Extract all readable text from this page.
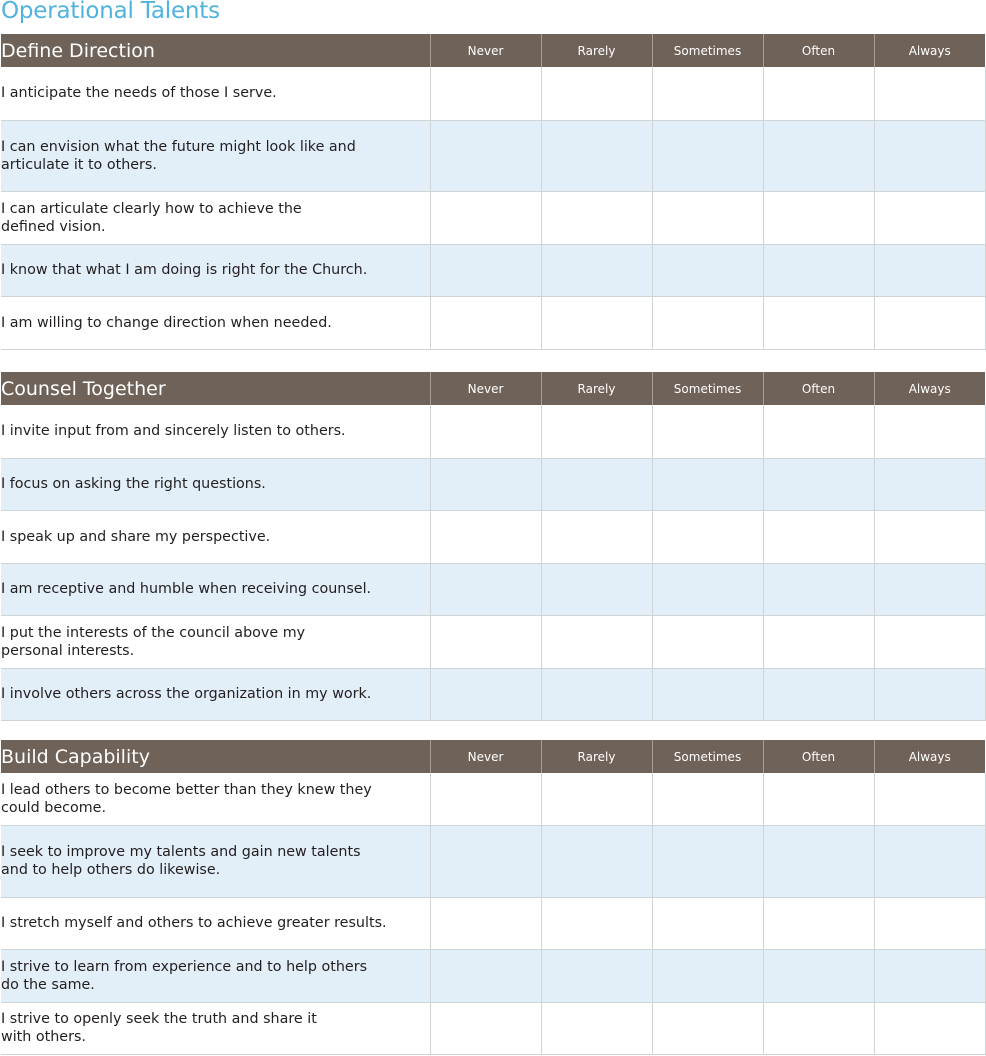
Operational Talents
Define Direction	Never	Rarely	Sometimes	Often	Always

I anticipate the needs of those I serve.					

I can envision what the future might look like and
articulate it to others.					

I can articulate clearly how to achieve the
defined vision.					

I know that what I am doing is right for the Church.					

I am willing to change direction when needed.					

Counsel Together	Never	Rarely	Sometimes	Often	Always

I invite input from and sincerely listen to others.					

I focus on asking the right questions.					

I speak up and share my perspective.					

I am receptive and humble when receiving counsel.					

I put the interests of the council above my
personal interests.					

I involve others across the organization in my work.					

Build Capability	Never	Rarely	Sometimes	Often	Always

I lead others to become better than they knew they
could become.					

I seek to improve my talents and gain new talents
and to help others do likewise.					

I stretch myself and others to achieve greater results.					

I strive to learn from experience and to help others
do the same.					

I strive to openly seek the truth and share it
with others.					
